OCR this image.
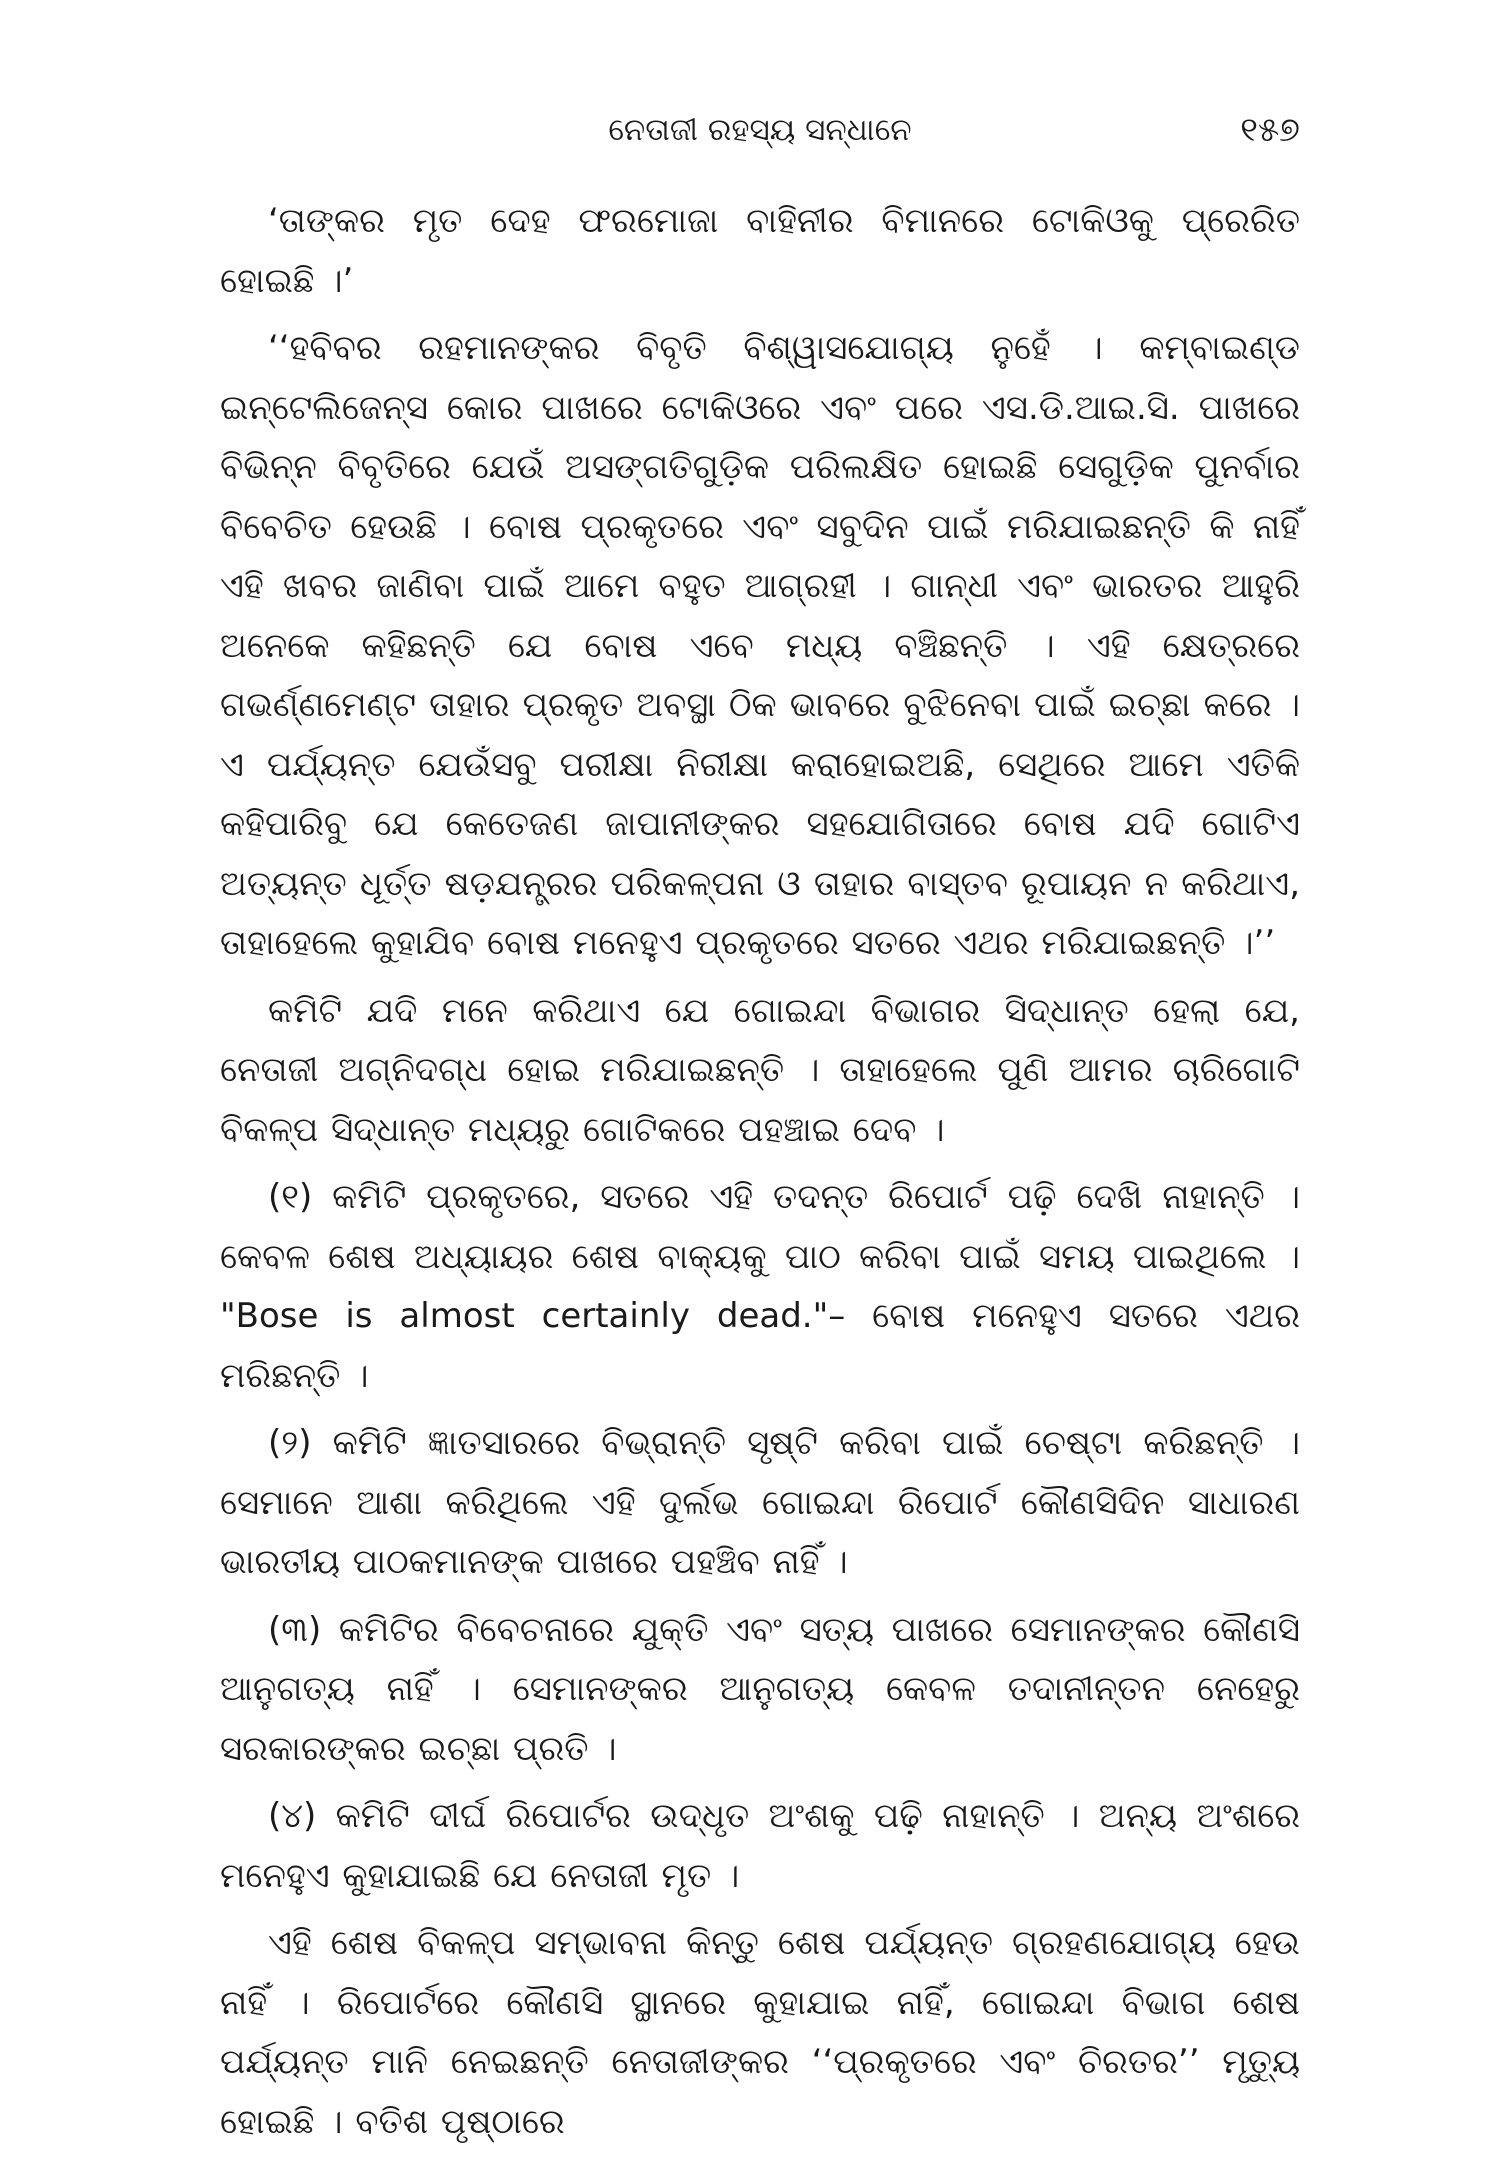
ନେତାଜୀ ରହସ୍ୟ ସନ୍ଧାନେ	୧୫୭

‘ତାଙ୍କର ମୃତ ଦେହ ଫରମୋଜା ବାହିନୀର ବିମାନରେ ଟୋକିଓକୁ ପ୍ରେରିତ ହୋଇଛି ।’

‘‘ହବିବର ରହମାନଙ୍କର ବିବୃତି ବିଶ୍ୱାସଯୋଗ୍ୟ ନୁହେଁ । କମ୍ବାଇଣ୍ଡ ଇନ୍‌ଟେଲିଜେନ୍ସ କୋର ପାଖରେ ଟୋକିଓରେ ଏବଂ ପରେ ଏସ.ଡି.ଆଇ.ସି. ପାଖରେ ବିଭିନ୍ନ ବିବୃତିରେ ଯେଉଁ ଅସଙ୍ଗତିଗୁଡ଼ିକ ପରିଲକ୍ଷିତ ହୋଇଛି ସେଗୁଡ଼ିକ ପୁନର୍ବାର ବିବେଚିତ ହେଉଛି । ବୋଷ ପ୍ରକୃତରେ ଏବଂ ସବୁଦିନ ପାଇଁ ମରିଯାଇଛନ୍ତି କି ନାହିଁ ଏହି ଖବର ଜାଣିବା ପାଇଁ ଆମେ ବହୁତ ଆଗ୍ରହୀ । ଗାନ୍ଧୀ ଏବଂ ଭାରତର ଆହୁରି ଅନେକେ କହିଛନ୍ତି ଯେ ବୋଷ ଏବେ ମଧ୍ୟ ବଞ୍ଚିଛନ୍ତି । ଏହି କ୍ଷେତ୍ରରେ ଗଭର୍ଣ୍ଣମେଣ୍ଟ ତାହାର ପ୍ରକୃତ ଅବସ୍ଥା ଠିକ ଭାବରେ ବୁଝିନେବା ପାଇଁ ଇଚ୍ଛା କରେ । ଏ ପର୍ଯ୍ୟନ୍ତ ଯେଉଁସବୁ ପରୀକ୍ଷା ନିରୀକ୍ଷା କରାହୋଇଅଛି, ସେଥିରେ ଆମେ ଏତିକି କହିପାରିବୁ ଯେ କେତେଜଣ ଜାପାନୀଙ୍କର ସହଯୋଗିତାରେ ବୋଷ ଯଦି ଗୋଟିଏ ଅତ୍ୟନ୍ତ ଧୂର୍ତ୍ତ ଷଡ଼ଯନ୍ତ୍ରର ପରିକଳ୍ପନା ଓ ତାହାର ବାସ୍ତବ ରୂପାୟନ ନ କରିଥାଏ, ତାହାହେଲେ କୁହାଯିବ ବୋଷ ମନେହୁଏ ପ୍ରକୃତରେ ସତରେ ଏଥର ମରିଯାଇଛନ୍ତି ।’’

କମିଟି ଯଦି ମନେ କରିଥାଏ ଯେ ଗୋଇନ୍ଦା ବିଭାଗର ସିଦ୍ଧାନ୍ତ ହେଲା ଯେ, ନେତାଜୀ ଅଗ୍ନିଦଗ୍ଧ ହୋଇ ମରିଯାଇଛନ୍ତି । ତାହାହେଲେ ପୁଣି ଆମର ଚାରିଗୋଟି ବିକଳ୍ପ ସିଦ୍ଧାନ୍ତ ମଧ୍ୟରୁ ଗୋଟିକରେ ପହଞ୍ଚାଇ ଦେବ ।

(୧) କମିଟି ପ୍ରକୃତରେ, ସତରେ ଏହି ତଦନ୍ତ ରିପୋର୍ଟ ପଢ଼ି ଦେଖି ନାହାନ୍ତି । କେବଳ ଶେଷ ଅଧ୍ୟାୟର ଶେଷ ବାକ୍ୟକୁ ପାଠ କରିବା ପାଇଁ ସମୟ ପାଇଥିଲେ । "Bose is almost certainly dead."– ବୋଷ ମନେହୁଏ ସତରେ ଏଥର ମରିଛନ୍ତି ।

(୨) କମିଟି ଜ୍ଞାତସାରରେ ବିଭ୍ରାନ୍ତି ସୃଷ୍ଟି କରିବା ପାଇଁ ଚେଷ୍ଟା କରିଛନ୍ତି । ସେମାନେ ଆଶା କରିଥିଲେ ଏହି ଦୁର୍ଲଭ ଗୋଇନ୍ଦା ରିପୋର୍ଟ କୌଣସିଦିନ ସାଧାରଣ ଭାରତୀୟ ପାଠକମାନଙ୍କ ପାଖରେ ପହଞ୍ଚିବ ନାହିଁ ।

(୩) କମିଟିର ବିବେଚନାରେ ଯୁକ୍ତି ଏବଂ ସତ୍ୟ ପାଖରେ ସେମାନଙ୍କର କୌଣସି ଆନୁଗତ୍ୟ ନାହିଁ । ସେମାନଙ୍କର ଆନୁଗତ୍ୟ କେବଳ ତଦାନୀନ୍ତନ ନେହେରୁ ସରକାରଙ୍କର ଇଚ୍ଛା ପ୍ରତି ।

(୪) କମିଟି ଦୀର୍ଘ ରିପୋର୍ଟର ଉଦ୍ଧୃତ ଅଂଶକୁ ପଢ଼ି ନାହାନ୍ତି । ଅନ୍ୟ ଅଂଶରେ ମନେହୁଏ କୁହାଯାଇଛି ଯେ ନେତାଜୀ ମୃତ ।

ଏହି ଶେଷ ବିକଳ୍ପ ସମ୍ଭାବନା କିନ୍ତୁ ଶେଷ ପର୍ଯ୍ୟନ୍ତ ଗ୍ରହଣଯୋଗ୍ୟ ହେଉ ନାହିଁ । ରିପୋର୍ଟରେ କୌଣସି ସ୍ଥାନରେ କୁହାଯାଇ ନାହିଁ, ଗୋଇନ୍ଦା ବିଭାଗ ଶେଷ ପର୍ଯ୍ୟନ୍ତ ମାନି ନେଇଛନ୍ତି ନେତାଜୀଙ୍କର ‘‘ପ୍ରକୃତରେ ଏବଂ ଚିରତର’’ ମୃତ୍ୟୁ ହୋଇଛି । ବତିଶ ପୃଷ୍ଠାରେ
